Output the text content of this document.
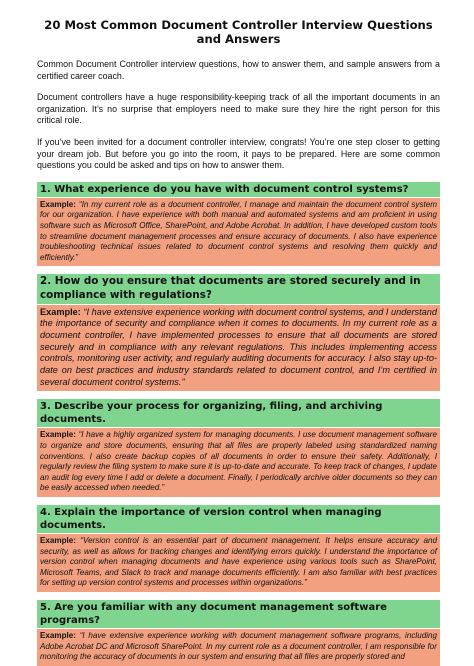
20 Most Common Document Controller Interview Questions and Answers

Common Document Controller interview questions, how to answer them, and sample answers from a certified career coach.

Document controllers have a huge responsibility-keeping track of all the important documents in an organization. It’s no surprise that employers need to make sure they hire the right person for this critical role.

If you’ve been invited for a document controller interview, congrats! You’re one step closer to getting your dream job. But before you go into the room, it pays to be prepared. Here are some common questions you could be asked and tips on how to answer them.

1. What experience do you have with document control systems?
Example: “In my current role as a document controller, I manage and maintain the document control system for our organization. I have experience with both manual and automated systems and am proficient in using software such as Microsoft Office, SharePoint, and Adobe Acrobat. In addition, I have developed custom tools to streamline document management processes and ensure accuracy of documents. I also have experience troubleshooting technical issues related to document control systems and resolving them quickly and efficiently.”
2. How do you ensure that documents are stored securely and in compliance with regulations?
Example: “I have extensive experience working with document control systems, and I understand the importance of security and compliance when it comes to documents. In my current role as a document controller, I have implemented processes to ensure that all documents are stored securely and in compliance with any relevant regulations. This includes implementing access controls, monitoring user activity, and regularly auditing documents for accuracy. I also stay up-to-date on best practices and industry standards related to document control, and I’m certified in several document control systems.”
3. Describe your process for organizing, filing, and archiving documents.
Example: “I have a highly organized system for managing documents. I use document management software to organize and store documents, ensuring that all files are properly labeled using standardized naming conventions. I also create backup copies of all documents in order to ensure their safety. Additionally, I regularly review the filing system to make sure it is up-to-date and accurate. To keep track of changes, I update an audit log every time I add or delete a document. Finally, I periodically archive older documents so they can be easily accessed when needed.”
4. Explain the importance of version control when managing documents.
Example: “Version control is an essential part of document management. It helps ensure accuracy and security, as well as allows for tracking changes and identifying errors quickly. I understand the importance of version control when managing documents and have experience using various tools such as SharePoint, Microsoft Teams, and Slack to track and manage documents efficiently. I am also familiar with best practices for setting up version control systems and processes within organizations.”
5. Are you familiar with any document management software programs?
Example: “I have extensive experience working with document management software programs, including Adobe Acrobat DC and Microsoft SharePoint. In my current role as a document controller, I am responsible for monitoring the accuracy of documents in our system and ensuring that all files are properly stored and
